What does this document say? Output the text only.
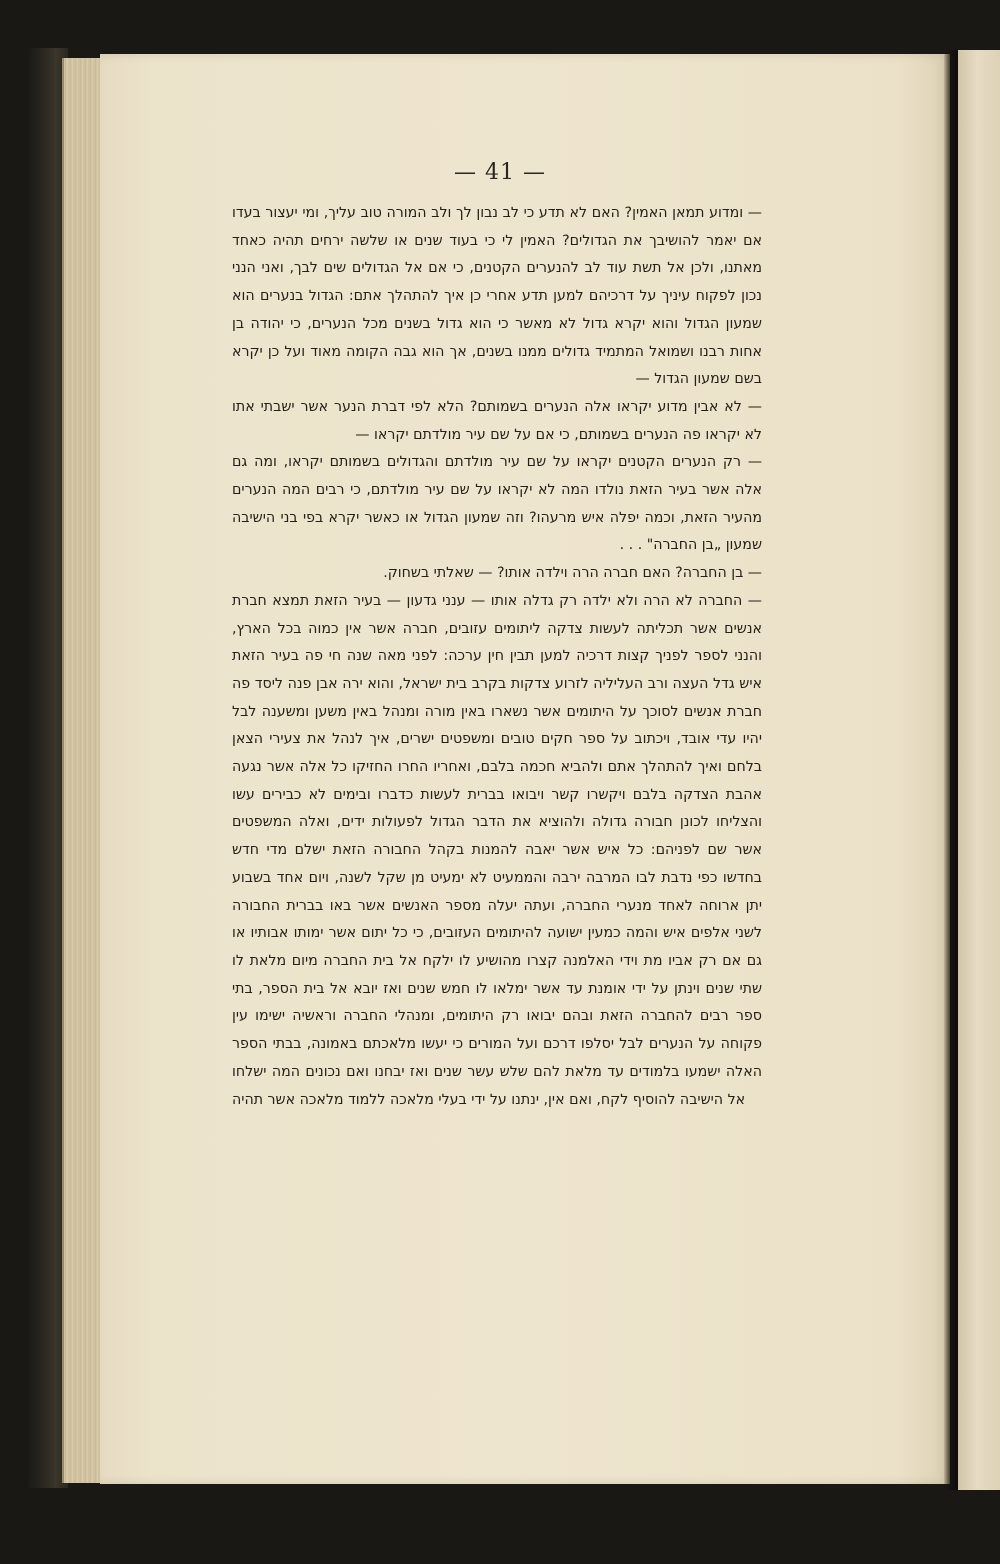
— 41 —

— ומדוע תמאן האמין? האם לא תדע כי לב נבון לך ולב המורה טוב עליך, ומי יעצור בעדו אם יאמר להושיבך את הגדולים? האמין לי כי בעוד שנים או שלשה ירחים תהיה כאחד מאתנו, ולכן אל תשת עוד לב להנערים הקטנים, כי אם אל הגדולים שים לבך, ואני הנני נכון לפקוח עיניך על דרכיהם למען תדע אחרי כן איך להתהלך אתם: הגדול בנערים הוא שמעון הגדול והוא יקרא גדול לא מאשר כי הוא גדול בשנים מכל הנערים, כי יהודה בן אחות רבנו ושמואל המתמיד גדולים ממנו בשנים, אך הוא גבה הקומה מאוד ועל כן יקרא בשם שמעון הגדול —

— לא אבין מדוע יקראו אלה הנערים בשמותם? הלא לפי דברת הנער אשר ישבתי אתו לא יקראו פה הנערים בשמותם, כי אם על שם עיר מולדתם יקראו —

— רק הנערים הקטנים יקראו על שם עיר מולדתם והגדולים בשמותם יקראו, ומה גם אלה אשר בעיר הזאת נולדו המה לא יקראו על שם עיר מולדתם, כי רבים המה הנערים מהעיר הזאת, וכמה יפלה איש מרעהו? וזה שמעון הגדול או כאשר יקרא בפי בני הישיבה שמעון „בן החברה" . . .

— בן החברה? האם חברה הרה וילדה אותו? — שאלתי בשחוק.

— החברה לא הרה ולא ילדה רק גדלה אותו — ענני גדעון — בעיר הזאת תמצא חברת אנשים אשר תכליתה לעשות צדקה ליתומים עזובים, חברה אשר אין כמוה בכל הארץ, והנני לספר לפניך קצות דרכיה למען תבין חין ערכה: לפני מאה שנה חי פה בעיר הזאת איש גדל העצה ורב העליליה לזרוע צדקות בקרב בית ישראל, והוא ירה אבן פנה ליסד פה חברת אנשים לסוכך על היתומים אשר נשארו באין מורה ומנהל באין משען ומשענה לבל יהיו עדי אובד, ויכתוב על ספר חקים טובים ומשפטים ישרים, איך לנהל את צעירי הצאן בלחם ואיך להתהלך אתם ולהביא חכמה בלבם, ואחריו החרו החזיקו כל אלה אשר נגעה אהבת הצדקה בלבם ויקשרו קשר ויבואו בברית לעשות כדברו ובימים לא כבירים עשו והצליחו לכונן חבורה גדולה ולהוציא את הדבר הגדול לפעולות ידים, ואלה המשפטים אשר שם לפניהם: כל איש אשר יאבה להמנות בקהל החבורה הזאת ישלם מדי חדש בחדשו כפי נדבת לבו המרבה ירבה והממעיט לא ימעיט מן שקל לשנה, ויום אחד בשבוע יתן ארוחה לאחד מנערי החברה, ועתה יעלה מספר האנשים אשר באו בברית החבורה לשני אלפים איש והמה כמעין ישועה להיתומים העזובים, כי כל יתום אשר ימותו אבותיו או גם אם רק אביו מת וידי האלמנה קצרו מהושיע לו ילקח אל בית החברה מיום מלאת לו שתי שנים וינתן על ידי אומנת עד אשר ימלאו לו חמש שנים ואז יובא אל בית הספר, בתי ספר רבים להחברה הזאת ובהם יבואו רק היתומים, ומנהלי החברה וראשיה ישימו עין פקוחה על הנערים לבל יסלפו דרכם ועל המורים כי יעשו מלאכתם באמונה, בבתי הספר האלה ישמעו בלמודים עד מלאת להם שלש עשר שנים ואז יבחנו ואם נכונים המה ישלחו אל הישיבה להוסיף לקח, ואם אין, ינתנו על ידי בעלי מלאכה ללמוד מלאכה אשר תהיה
